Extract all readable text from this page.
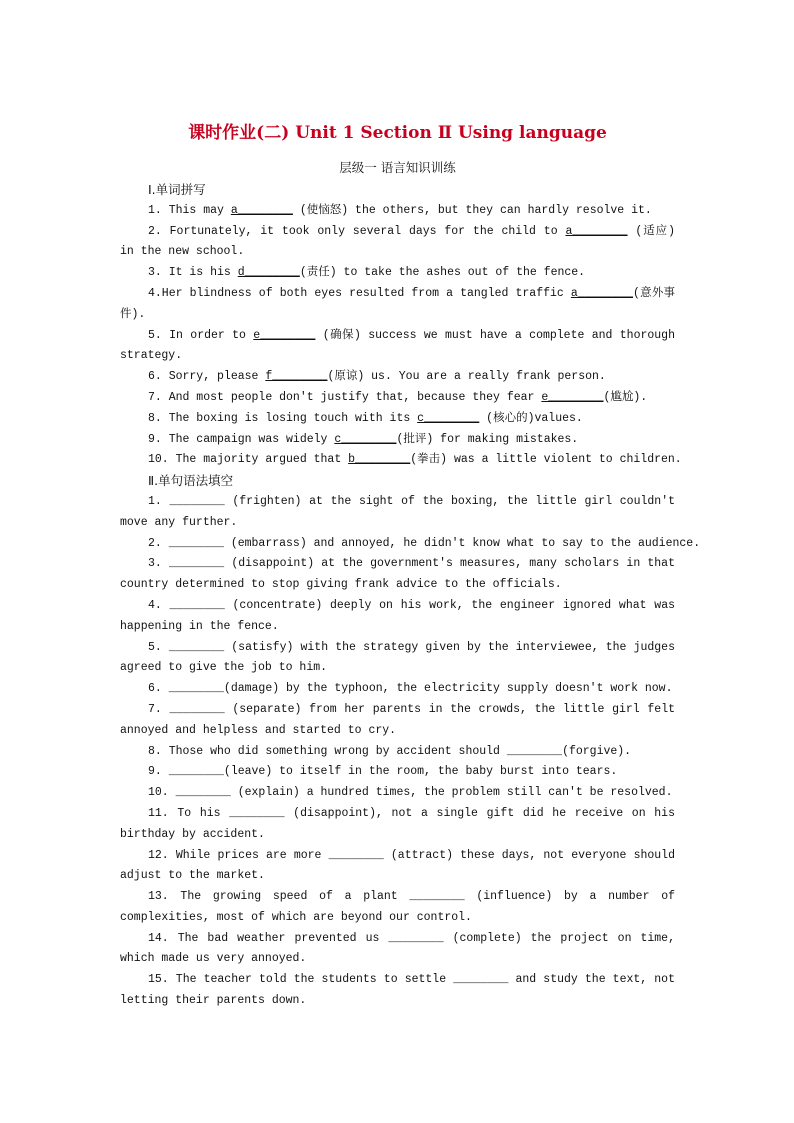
课时作业(二) Unit 1 Section Ⅱ Using language
层级一 语言知识训练
Ⅰ.单词拼写
1. This may a________ (使恼怒) the others, but they can hardly resolve it.
2. Fortunately, it took only several days for the child to a________ (适应) in the new school.
3. It is his d________(责任) to take the ashes out of the fence.
4.Her blindness of both eyes resulted from a tangled traffic a________(意外事件).
5. In order to e________ (确保) success we must have a complete and thorough strategy.
6. Sorry, please f________(原谅) us. You are a really frank person.
7. And most people don't justify that, because they fear e________(尴尬).
8. The boxing is losing touch with its c________ (核心的)values.
9. The campaign was widely c________(批评) for making mistakes.
10. The majority argued that b________(拳击) was a little violent to children.
Ⅱ.单句语法填空
1. ________ (frighten) at the sight of the boxing, the little girl couldn't move any further.
2. ________ (embarrass) and annoyed, he didn't know what to say to the audience.
3. ________ (disappoint) at the government's measures, many scholars in that country determined to stop giving frank advice to the officials.
4. ________ (concentrate) deeply on his work, the engineer ignored what was happening in the fence.
5. ________ (satisfy) with the strategy given by the interviewee, the judges agreed to give the job to him.
6. ________(damage) by the typhoon, the electricity supply doesn't work now.
7. ________ (separate) from her parents in the crowds, the little girl felt annoyed and helpless and started to cry.
8. Those who did something wrong by accident should ________(forgive).
9. ________(leave) to itself in the room, the baby burst into tears.
10. ________ (explain) a hundred times, the problem still can't be resolved.
11. To his ________ (disappoint), not a single gift did he receive on his birthday by accident.
12. While prices are more ________ (attract) these days, not everyone should adjust to the market.
13. The growing speed of a plant ________ (influence) by a number of complexities, most of which are beyond our control.
14. The bad weather prevented us ________ (complete) the project on time, which made us very annoyed.
15. The teacher told the students to settle ________ and study the text, not letting their parents down.
